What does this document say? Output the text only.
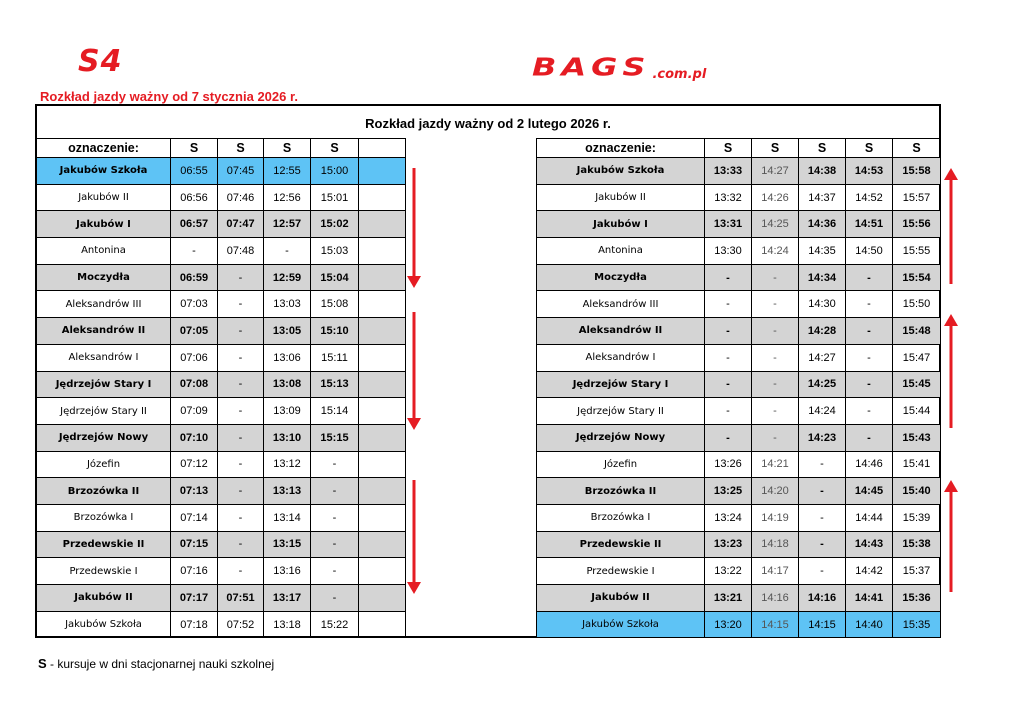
S4	BAGS .com.pl
Rozkład jazdy ważny od 7 stycznia 2026 r.
Rozkład jazdy ważny od 2 lutego 2026 r.
oznaczenie:	S	S	S	S	
Jakubów Szkoła	06:55	07:45	12:55	15:00	
Jakubów II	06:56	07:46	12:56	15:01	
Jakubów I	06:57	07:47	12:57	15:02	
Antonina	-	07:48	-	15:03	
Moczydła	06:59	-	12:59	15:04	
Aleksandrów III	07:03	-	13:03	15:08	
Aleksandrów II	07:05	-	13:05	15:10	
Aleksandrów I	07:06	-	13:06	15:11	
Jędrzejów Stary I	07:08	-	13:08	15:13	
Jędrzejów Stary II	07:09	-	13:09	15:14	
Jędrzejów Nowy	07:10	-	13:10	15:15	
Józefin	07:12	-	13:12	-	
Brzozówka II	07:13	-	13:13	-	
Brzozówka I	07:14	-	13:14	-	
Przedewskie II	07:15	-	13:15	-	
Przedewskie I	07:16	-	13:16	-	
Jakubów II	07:17	07:51	13:17	-	
Jakubów Szkoła	07:18	07:52	13:18	15:22	
oznaczenie:	S	S	S	S	S
Jakubów Szkoła	13:33	14:27	14:38	14:53	15:58
Jakubów II	13:32	14:26	14:37	14:52	15:57
Jakubów I	13:31	14:25	14:36	14:51	15:56
Antonina	13:30	14:24	14:35	14:50	15:55
Moczydła	-	-	14:34	-	15:54
Aleksandrów III	-	-	14:30	-	15:50
Aleksandrów II	-	-	14:28	-	15:48
Aleksandrów I	-	-	14:27	-	15:47
Jędrzejów Stary I	-	-	14:25	-	15:45
Jędrzejów Stary II	-	-	14:24	-	15:44
Jędrzejów Nowy	-	-	14:23	-	15:43
Józefin	13:26	14:21	-	14:46	15:41
Brzozówka II	13:25	14:20	-	14:45	15:40
Brzozówka I	13:24	14:19	-	14:44	15:39
Przedewskie II	13:23	14:18	-	14:43	15:38
Przedewskie I	13:22	14:17	-	14:42	15:37
Jakubów II	13:21	14:16	14:16	14:41	15:36
Jakubów Szkoła	13:20	14:15	14:15	14:40	15:35
S - kursuje w dni stacjonarnej nauki szkolnej
